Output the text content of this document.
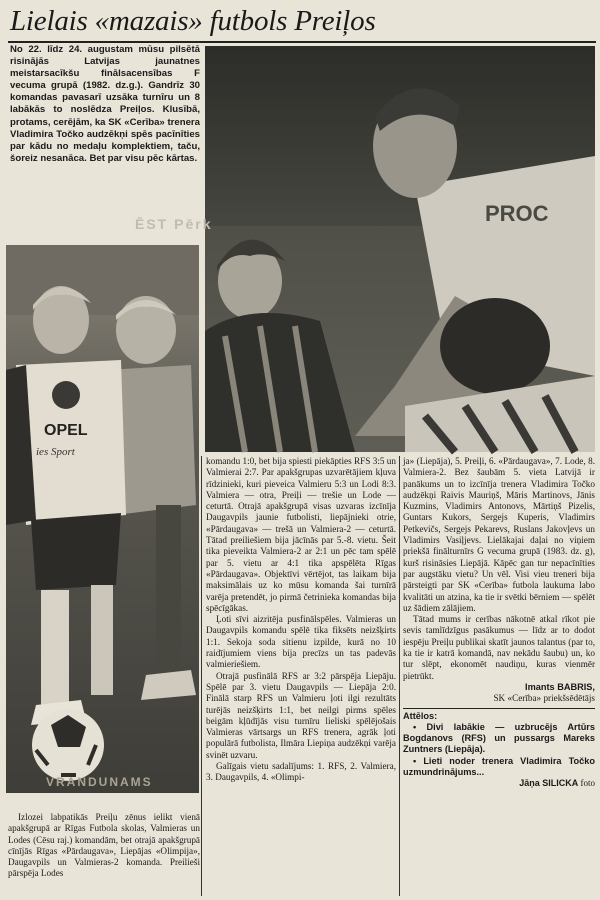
Lielais «mazais» futbols Preiļos
No 22. līdz 24. augustam mūsu pilsētā risinājās Latvijas jaunatnes meistarsacīkšu finālsacensības F vecuma grupā (1982. dz.g.). Gandrīz 30 komandas pavasarī uzsāka turnīru un 8 labākās to noslēdza Preiļos. Klusībā, protams, cerējām, ka SK «Cerība» trenera Vladimira Točko audzēkņi spēs pacīnīties par kādu no medaļu komplektiem, taču, šoreiz nesanāca. Bet par visu pēc kārtas.
PROC
ĒST Pērk
OPEL
ies Sport
VRANDUNAMS

Izlozei labpatikās Preiļu zēnus ielikt vienā apakšgrupā ar Rīgas Futbola skolas, Valmieras un Lodes (Cēsu raj.) komandām, bet otrajā apakšgrupā cīnījās Rīgas «Pārdaugava», Liepājas «Olimpija», Daugavpils un Valmieras-2 komanda. Preilieši pārspēja Lodes

komandu 1:0, bet bija spiesti piekāpties RFS 3:5 un Valmierai 2:7. Par apakšgrupas uzvarētājiem kļuva rīdzinieki, kuri pieveica Valmieru 5:3 un Lodi 8:3. Valmiera — otra, Preiļi — trešie un Lode — ceturtā. Otrajā apakšgrupā visas uzvaras izcīnīja Daugavpils jaunie futbolisti, liepājnieki otrie, «Pārdaugava» — trešā un Valmiera-2 — ceturtā. Tātad preiliešiem bija jācīnās par 5.-8. vietu. Šeit tika pieveikta Valmiera-2 ar 2:1 un pēc tam spēlē par 5. vietu ar 4:1 tika apspēlēta Rīgas «Pārdaugava». Objektīvi vērtējot, tas laikam bija maksimālais uz ko mūsu komanda šai turnīrā varēja pretendēt, jo pirmā četrinieka komandas bija spēcīgākas.

Ļoti sīvi aizritēja pusfinālspēles. Valmieras un Daugavpils komandu spēlē tika fiksēts neizšķirts 1:1. Sekoja soda sitienu izpilde, kurā no 10 raidījumiem viens bija precīzs un tas padevās valmieriešiem.

Otrajā pusfinālā RFS ar 3:2 pārspēja Liepāju. Spēlē par 3. vietu Daugavpils — Liepāja 2:0. Finālā starp RFS un Valmieru ļoti ilgi rezultāts turējās neizšķirts 1:1, bet neilgi pirms spēles beigām kļūdījās visu turnīru lieliski spēlējošais Valmieras vārtsargs un RFS trenera, agrāk ļoti populārā futbolista, Ilmāra Liepiņa audzēkņi varēja svinēt uzvaru.

Galīgais vietu sadalījums: 1. RFS, 2. Valmiera, 3. Daugavpils, 4. «Olimpi-

ja» (Liepāja), 5. Preiļi, 6. «Pārdaugava», 7. Lode, 8. Valmiera-2. Bez šaubām 5. vieta Latvijā ir panākums un to izcīnīja trenera Vladimira Točko audzēkņi Raivis Mauriņš, Māris Martinovs, Jānis Kuzmins, Vladimirs Antonovs, Mārtiņš Pizelis, Guntars Kukors, Sergejs Kuperis, Vladimirs Petkevičs, Sergejs Pekarevs, Ruslans Jakovļevs un Vladimirs Vasiļjevs. Lielākajai daļai no viņiem priekšā finālturnīrs G vecuma grupā (1983. dz. g), kurš risināsies Liepājā. Kāpēc gan tur nepacīnīties par augstāku vietu? Un vēl. Visi vieu treneri bija pārsteigti par SK «Cerība» futbola laukuma labo kvalitāti un atzina, ka tie ir svētki bērniem — spēlēt uz šādiem zālājiem.

Tātad mums ir cerības nākotnē atkal rīkot pie sevis tamlīdzīgus pasākumus — līdz ar to dodot iespēju Preiļu publikai skatīt jaunos talantus (par to, ka tie ir katrā komandā, nav nekādu šaubu) un, ko tur slēpt, ekonomēt naudiņu, kuras vienmēr pietrūkt.

Imants BABRIS,
SK «Cerība» priekšsēdētājs
Attēlos:

• Divi labākie — uzbrucējs Artūrs Bogdanovs (RFS) un pussargs Mareks Zuntners (Liepāja).

• Lieti noder trenera Vladimira Točko uzmundrinājums...

Jāņa SILICKA foto
